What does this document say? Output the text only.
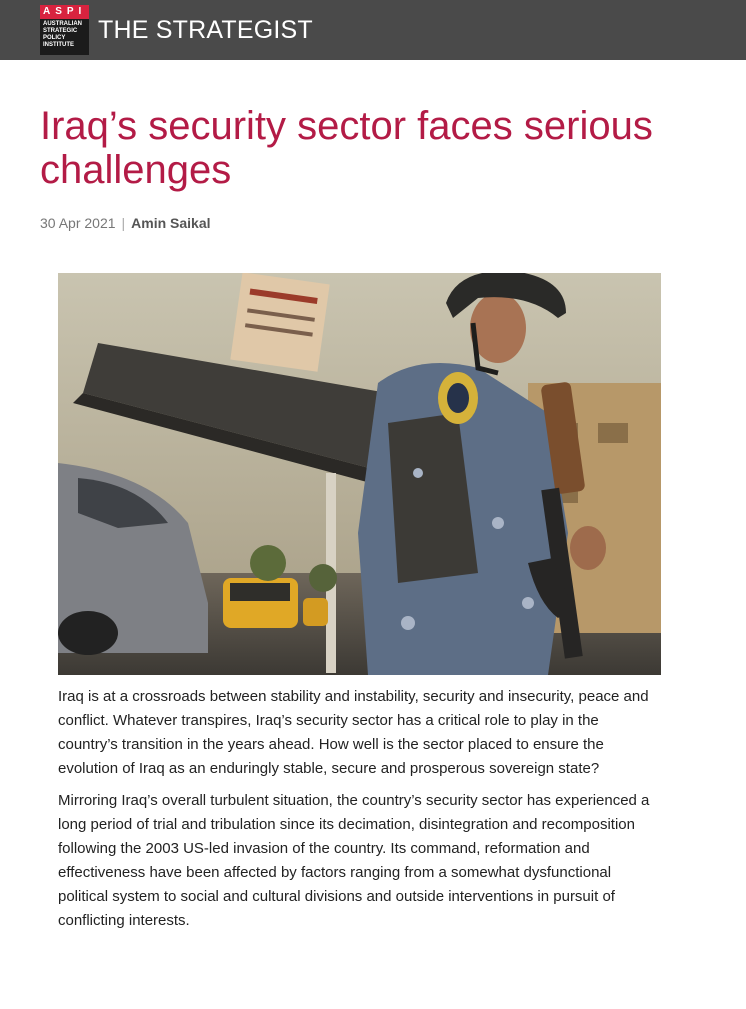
ASPI
AUSTRALIAN
STRATEGIC
POLICY
INSTITUTE
THE STRATEGIST
Iraq’s security sector faces serious challenges
30 Apr 2021 | Amin Saikal

Iraq is at a crossroads between stability and instability, security and insecurity, peace and conflict. Whatever transpires, Iraq’s security sector has a critical role to play in the country’s transition in the years ahead. How well is the sector placed to ensure the evolution of Iraq as an enduringly stable, secure and prosperous sovereign state?

Mirroring Iraq’s overall turbulent situation, the country’s security sector has experienced a long period of trial and tribulation since its decimation, disintegration and recomposition following the 2003 US-led invasion of the country. Its command, reformation and effectiveness have been affected by factors ranging from a somewhat dysfunctional political system to social and cultural divisions and outside interventions in pursuit of conflicting interests.
